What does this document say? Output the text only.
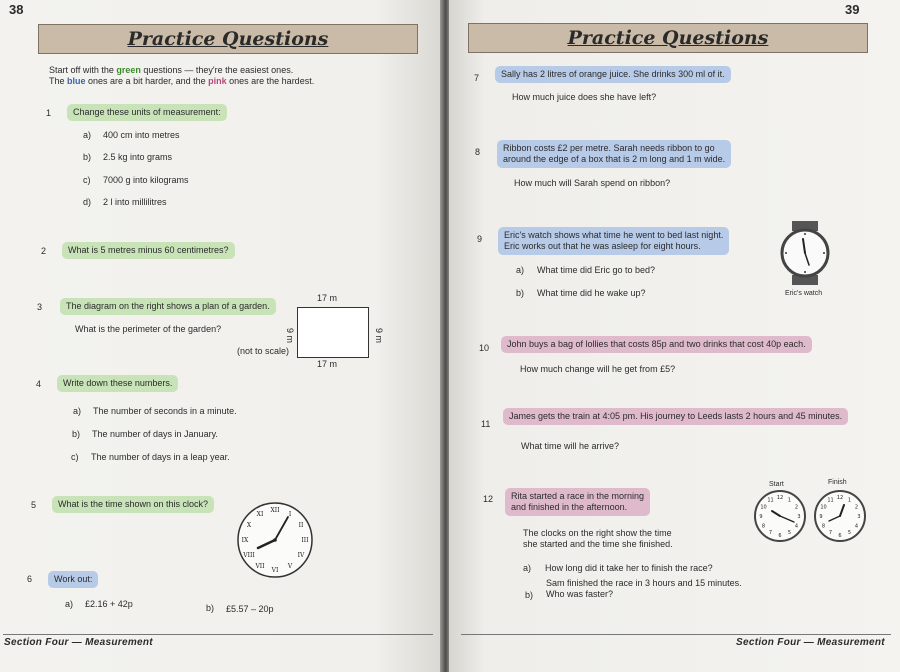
38
Practice Questions
Start off with the green questions — they're the easiest ones.
The blue ones are a bit harder, and the pink ones are the hardest.
1	Change these units of measurement:
a) 400 cm into metres
b) 2.5 kg into grams
c) 7000 g into kilograms
d) 2 l into millilitres
2	What is 5 metres minus 60 centimetres?
3	The diagram on the right shows a plan of a garden.
What is the perimeter of the garden?
17 m
17 m
9 m	9 m
(not to scale)
4	Write down these numbers.
a) The number of seconds in a minute.
b) The number of days in January.
c) The number of days in a leap year.
5	What is the time shown on this clock?
XII
I
II
III
IV
V
VI
VII
VIII
IX
X
XI
6	Work out:
a) £2.16 + 42p	b) £5.57 – 20p
Section Four — Measurement
39
Practice Questions
7	Sally has 2 litres of orange juice. She drinks 300 ml of it.
How much juice does she have left?
8	Ribbon costs £2 per metre. Sarah needs ribbon to go
around the edge of a box that is 2 m long and 1 m wide.
How much will Sarah spend on ribbon?
9 Eric's watch shows what time he went to bed last night.
Eric works out that he was asleep for eight hours.
a) What time did Eric go to bed?
b) What time did he wake up?	Eric's watch
10	John buys a bag of lollies that costs 85p and two drinks that cost 40p each.
How much change will he get from £5?
11
James gets the train at 4:05 pm. His journey to Leeds lasts 2 hours and 45 minutes.
What time will he arrive?
12 Rita started a race in the morning
and finished in the afternoon.
The clocks on the right show the time
she started and the time she finished.
a) How long did it take her to finish the race?
b)
Sam finished the race in 3 hours and 15 minutes.
Who was faster?
Start	Finish
12 1
2
3
4
5
6
7
8
9
10
11	12 1
2
3
4
5
6
7
8
9
10
11
Section Four — Measurement
